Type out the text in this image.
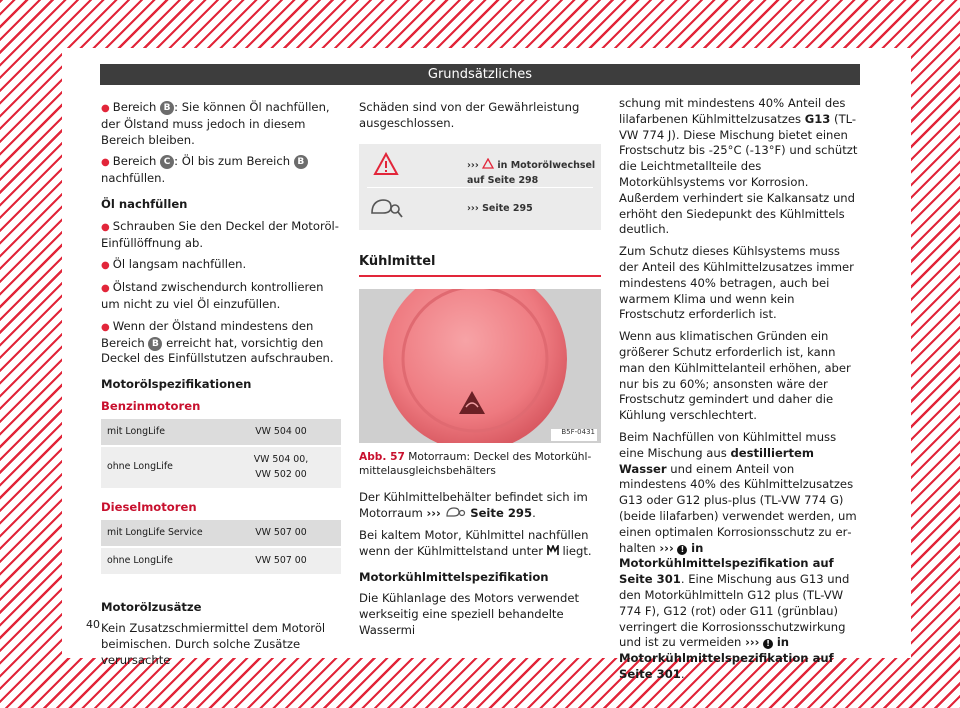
Grundsätzliches

● Bereich B : Sie können Öl nachfüllen, der Ölstand muss jedoch in diesem Bereich bleiben.

● Bereich C : Öl bis zum Bereich B nachfüllen.

Öl nachfüllen

● Schrauben Sie den Deckel der Motoröl-Einfüllöffnung ab.

● Öl langsam nachfüllen.

● Ölstand zwischendurch kontrollieren um nicht zu viel Öl einzufüllen.

● Wenn der Ölstand mindestens den Bereich B erreicht hat, vorsichtig den Deckel des Einfüllstutzen aufschrauben.

Motorölspezifikationen
Benzinmotoren
mit LongLife	VW 504 00
ohne LongLife	VW 504 00,
VW 502 00
Dieselmotoren
mit LongLife Service	VW 507 00
ohne LongLife	VW 507 00
Motorölzusätze

Kein Zusatzschmiermittel dem Motoröl beimischen. Durch solche Zusätze verursachte

Schäden sind von der Gewährleistung ausgeschlossen.

››› in Motorölwechsel auf Seite 298
››› Seite 295
Kühlmittel
B5F-0431
Abb. 57 Motorraum: Deckel des Motorkühlmittelausgleichsbehälters

Der Kühlmittelbehälter befindet sich im Motorraum ›››	Seite 295.

Bei kaltem Motor, Kühlmittel nachfüllen wenn der Kühlmittelstand unter liegt.

Motorkühlmittelspezifikation

Die Kühlanlage des Motors verwendet werkseitig eine speziell behandelte Wassermi

schung mit mindestens 40% Anteil des lilafarbenen Kühlmittelzusatzes G13 (TL-VW 774 J). Diese Mischung bietet einen Frostschutz bis -25°C (-13°F) und schützt die Leichtmetallteile des Motorkühlsystems vor Korrosion. Außerdem verhindert sie Kalkansatz und erhöht den Siedepunkt des Kühlmittels deutlich.

Zum Schutz dieses Kühlsystems muss der Anteil des Kühlmittelzusatzes immer mindestens 40% betragen, auch bei warmem Klima und wenn kein Frostschutz erforderlich ist.

Wenn aus klimatischen Gründen ein größerer Schutz erforderlich ist, kann man den Kühlmittelanteil erhöhen, aber nur bis zu 60%; ansonsten wäre der Frostschutz gemindert und daher die Kühlung verschlechtert.

Beim Nachfüllen von Kühlmittel muss eine Mischung aus destilliertem Wasser und einem Anteil von mindestens 40% des Kühlmittelzusatzes G13 oder G12 plus-plus (TL-VW 774 G) (beide lilafarben) verwendet werden, um einen optimalen Korrosionsschutz zu erhalten ››› ! in Motorkühlmittelspezifikation auf Seite 301. Eine Mischung aus G13 und den Motorkühlmitteln G12 plus (TL-VW 774 F), G12 (rot) oder G11 (grünblau) verringert die Korrosionsschutzwirkung und ist zu vermeiden ››› ! in Motorkühlmittelspezifikation auf Seite 301.

40
